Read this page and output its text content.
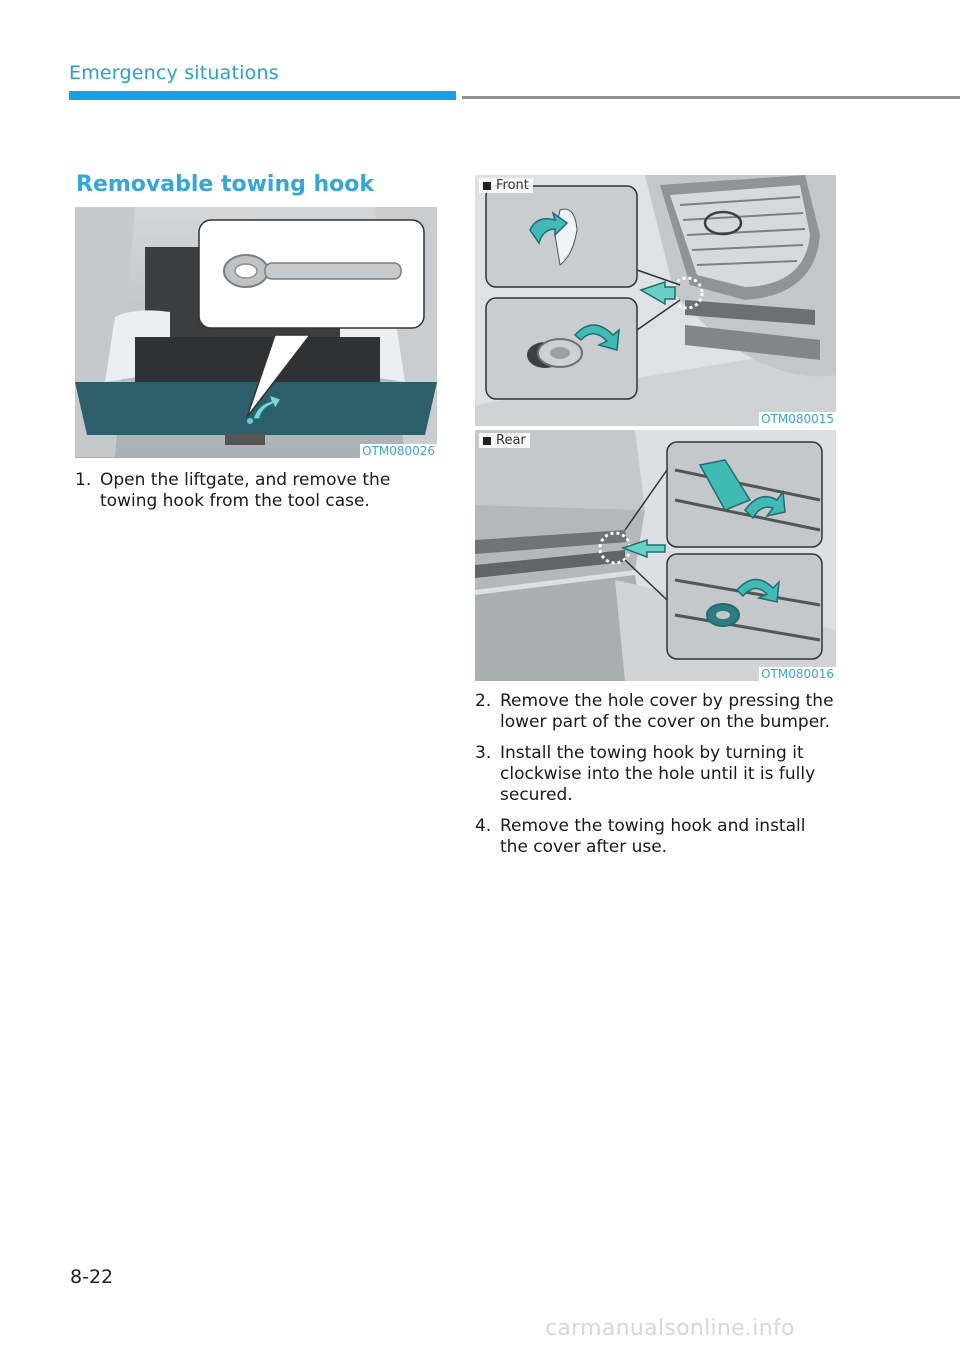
Emergency situations
Removable towing hook
OTM080026
1. Open the liftgate, and remove the towing hook from the tool case.
Front
OTM080015
Rear
OTM080016
2. Remove the hole cover by pressing the lower part of the cover on the bumper.
3. Install the towing hook by turning it clockwise into the hole until it is fully secured.
4. Remove the towing hook and install the cover after use.
8-22
carmanualsonline.info
